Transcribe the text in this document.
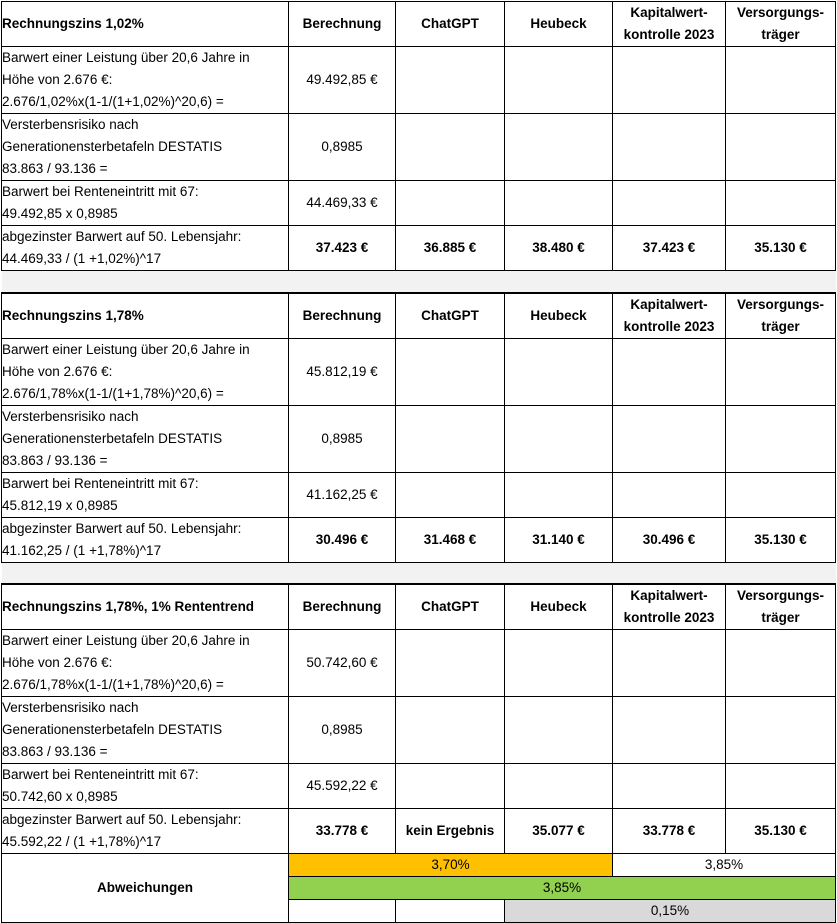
Rechnungszins 1,02%	Berechnung	ChatGPT	Heubeck	Kapitalwert-
kontrolle 2023	Versorgungs-
träger

Barwert einer Leistung über 20,6 Jahre in
Höhe von 2.676 €:
2.676/1,02%x(1-1/(1+1,02%)^20,6) =	49.492,85 €				

Versterbensrisiko nach
Generationensterbetafeln DESTATIS
83.863 / 93.136 =	0,8985				

Barwert bei Renteneintritt mit 67:
49.492,85 x 0,8985	44.469,33 €				

abgezinster Barwert auf 50. Lebensjahr:
44.469,33 / (1 +1,02%)^17	37.423 €	36.885 €	38.480 €	37.423 €	35.130 €

Rechnungszins 1,78%	Berechnung	ChatGPT	Heubeck	Kapitalwert-
kontrolle 2023	Versorgungs-
träger

Barwert einer Leistung über 20,6 Jahre in
Höhe von 2.676 €:
2.676/1,78%x(1-1/(1+1,78%)^20,6) =	45.812,19 €				

Versterbensrisiko nach
Generationensterbetafeln DESTATIS
83.863 / 93.136 =	0,8985				

Barwert bei Renteneintritt mit 67:
45.812,19 x 0,8985	41.162,25 €				

abgezinster Barwert auf 50. Lebensjahr:
41.162,25 / (1 +1,78%)^17	30.496 €	31.468 €	31.140 €	30.496 €	35.130 €

Rechnungszins 1,78%, 1% Rententrend	Berechnung	ChatGPT	Heubeck	Kapitalwert-
kontrolle 2023	Versorgungs-
träger

Barwert einer Leistung über 20,6 Jahre in
Höhe von 2.676 €:
2.676/1,78%x(1-1/(1+1,78%)^20,6) =	50.742,60 €				

Versterbensrisiko nach
Generationensterbetafeln DESTATIS
83.863 / 93.136 =	0,8985				

Barwert bei Renteneintritt mit 67:
50.742,60 x 0,8985	45.592,22 €				

abgezinster Barwert auf 50. Lebensjahr:
45.592,22 / (1 +1,78%)^17	33.778 €	kein Ergebnis	35.077 €	33.778 €	35.130 €
Abweichungen	3,70%			3,85%	
	3,85%				
			0,15%		
